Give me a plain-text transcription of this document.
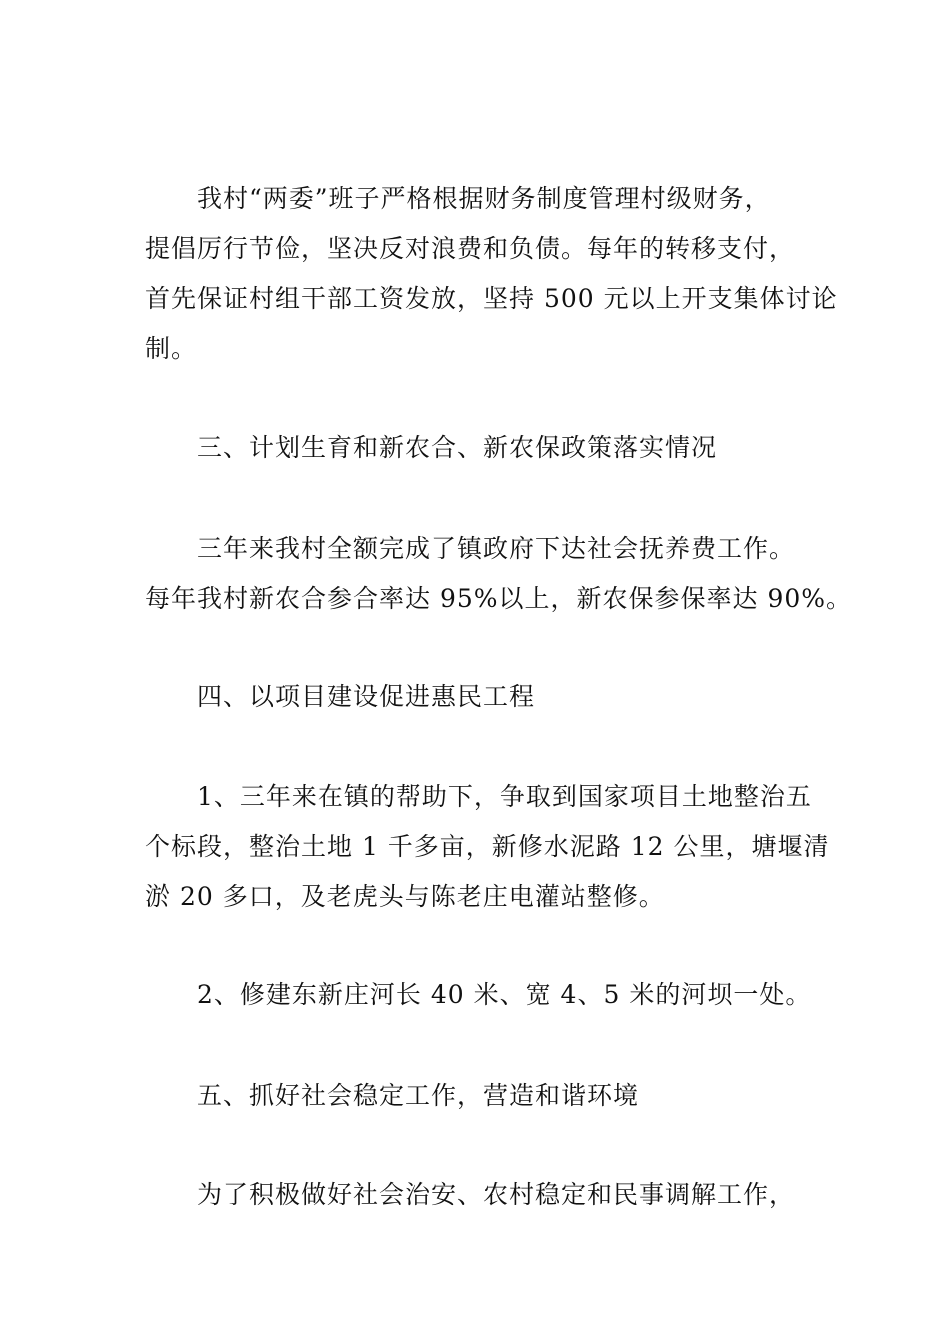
我村“两委”班子严格根据财务制度管理村级财务，
提倡厉行节俭，坚决反对浪费和负债。每年的转移支付，
首先保证村组干部工资发放，坚持 500 元以上开支集体讨论
制。
三、计划生育和新农合、新农保政策落实情况
三年来我村全额完成了镇政府下达社会抚养费工作。
每年我村新农合参合率达 95%以上，新农保参保率达 90%。
四、以项目建设促进惠民工程
1、三年来在镇的帮助下，争取到国家项目土地整治五
个标段，整治土地 1 千多亩，新修水泥路 12 公里，塘堰清
淤 20 多口，及老虎头与陈老庄电灌站整修。
2、修建东新庄河长 40 米、宽 4、5 米的河坝一处。
五、抓好社会稳定工作，营造和谐环境
为了积极做好社会治安、农村稳定和民事调解工作，
